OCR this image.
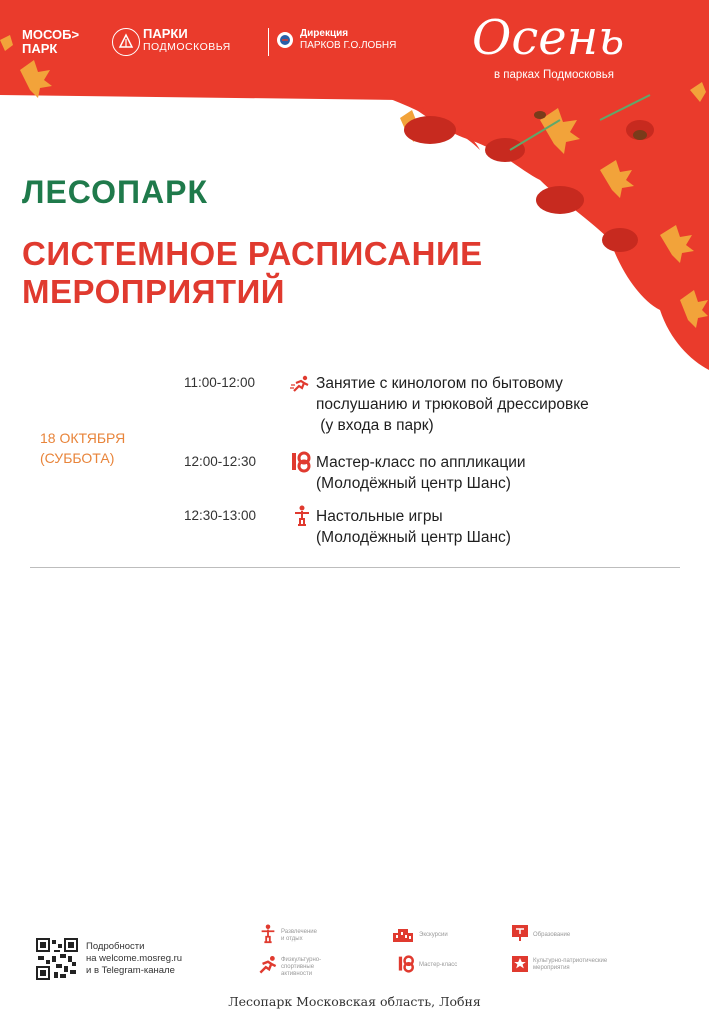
МОСОБ>
ПАРК
ПАРКИ
ПОДМОСКОВЬЯ
Дирекция
ПАРКОВ Г.О.ЛОБНЯ Осень
в парках Подмосковья
ЛЕСОПАРК
СИСТЕМНОЕ РАСПИСАНИЕ
МЕРОПРИЯТИЙ
18 ОКТЯБРЯ
(СУББОТА)
11:00-12:00	Занятие с кинологом по бытовому
послушанию и трюковой дрессировке
(у входа в парк)
12:00-12:30	Мастер-класс по аппликации
(Молодёжный центр Шанс)
12:30-13:00	Настольные игры
(Молодёжный центр Шанс)
Подробности
на welcome.mosreg.ru
и в Telegram-канале
Развлечение
и отдых
Физкультурно-
спортивные активности
Экскурсии
Мастер-класс
Образование
Культурно-патриотические
мероприятия
Лесопарк Московская область, Лобня
